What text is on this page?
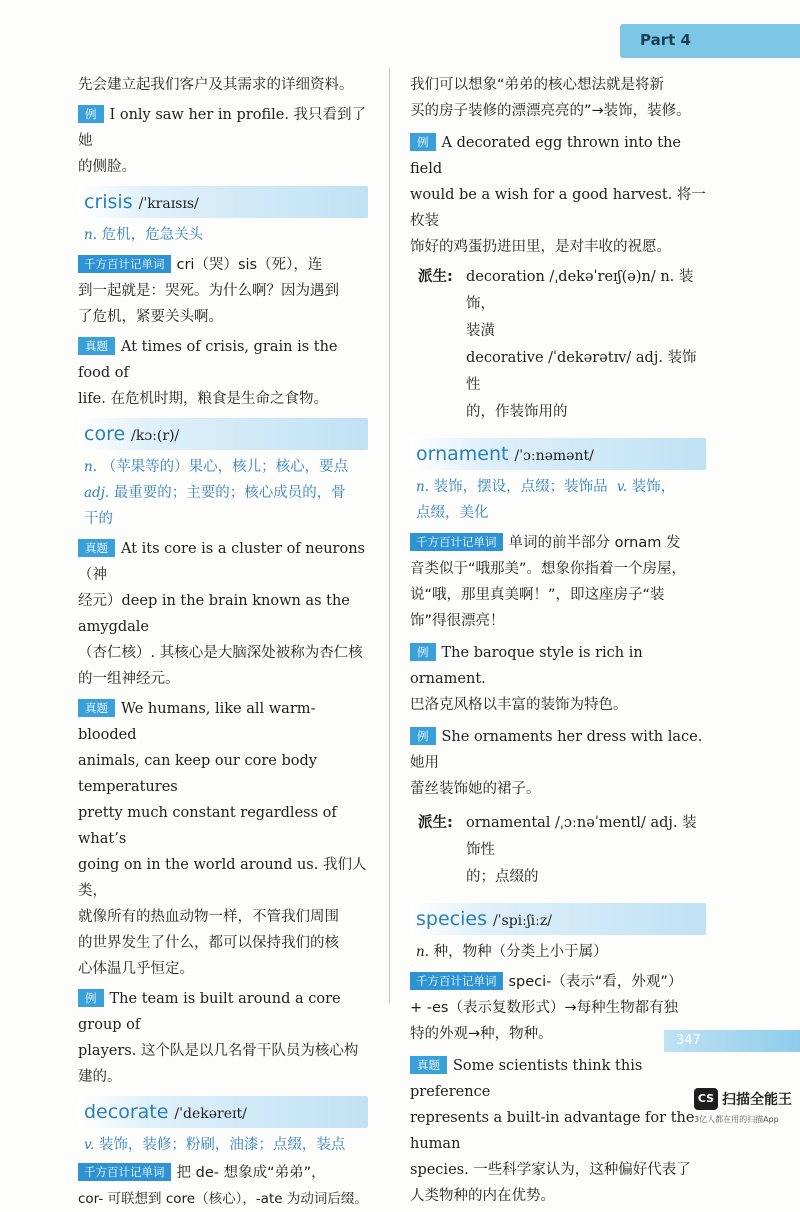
Part 4

先会建立起我们客户及其需求的详细资料。

例 I only saw her in profile. 我只看到了她

的侧脸。

crisis /ˈkraɪsɪs/

n. 危机，危急关头

千方百计记单词 cri（哭）sis（死），连

到一起就是：哭死。为什么啊？因为遇到

了危机，紧要关头啊。

真题 At times of crisis, grain is the food of

life. 在危机时期，粮食是生命之食物。

core /kɔː(r)/

n. （苹果等的）果心，核儿；核心，要点

adj. 最重要的；主要的；核心成员的，骨

干的

真题 At its core is a cluster of neurons（神

经元）deep in the brain known as the amygdale

（杏仁核）. 其核心是大脑深处被称为杏仁核

的一组神经元。

真题 We humans, like all warm-blooded

animals, can keep our core body temperatures

pretty much constant regardless of what’s

going on in the world around us. 我们人类，

就像所有的热血动物一样，不管我们周围

的世界发生了什么，都可以保持我们的核

心体温几乎恒定。

例 The team is built around a core group of

players. 这个队是以几名骨干队员为核心构

建的。

decorate /ˈdekəreɪt/

v. 装饰，装修；粉刷，油漆；点缀，装点

千方百计记单词 把 de- 想象成“弟弟”，

cor- 可联想到 core（核心），-ate 为动词后缀。

我们可以想象“弟弟的核心想法就是将新

买的房子装修的漂漂亮亮的”→装饰，装修。

例 A decorated egg thrown into the field

would be a wish for a good harvest. 将一枚装

饰好的鸡蛋扔进田里，是对丰收的祝愿。

派生: decoration /ˌdekəˈreɪʃ(ə)n/ n. 装饰，

装潢

decorative /ˈdekərətɪv/ adj. 装饰性

的，作装饰用的

ornament /ˈɔːnəmənt/

n. 装饰，摆设，点缀；装饰品 v. 装饰，

点缀，美化

千方百计记单词 单词的前半部分 ornam 发

音类似于“哦那美”。想象你指着一个房屋，

说“哦，那里真美啊！”，即这座房子“装

饰”得很漂亮！

例 The baroque style is rich in ornament.

巴洛克风格以丰富的装饰为特色。

例 She ornaments her dress with lace. 她用

蕾丝装饰她的裙子。

派生: ornamental /ˌɔːnəˈmentl/ adj. 装饰性

的；点缀的

species /ˈspiːʃiːz/

n. 种，物种（分类上小于属）

千方百计记单词 speci-（表示“看，外观”）

+ -es（表示复数形式）→每种生物都有独

特的外观→种，物种。

真题 Some scientists think this preference

represents a built-in advantage for the human

species. 一些科学家认为，这种偏好代表了

人类物种的内在优势。

347
CS 扫描全能王
3亿人都在用的扫描App
